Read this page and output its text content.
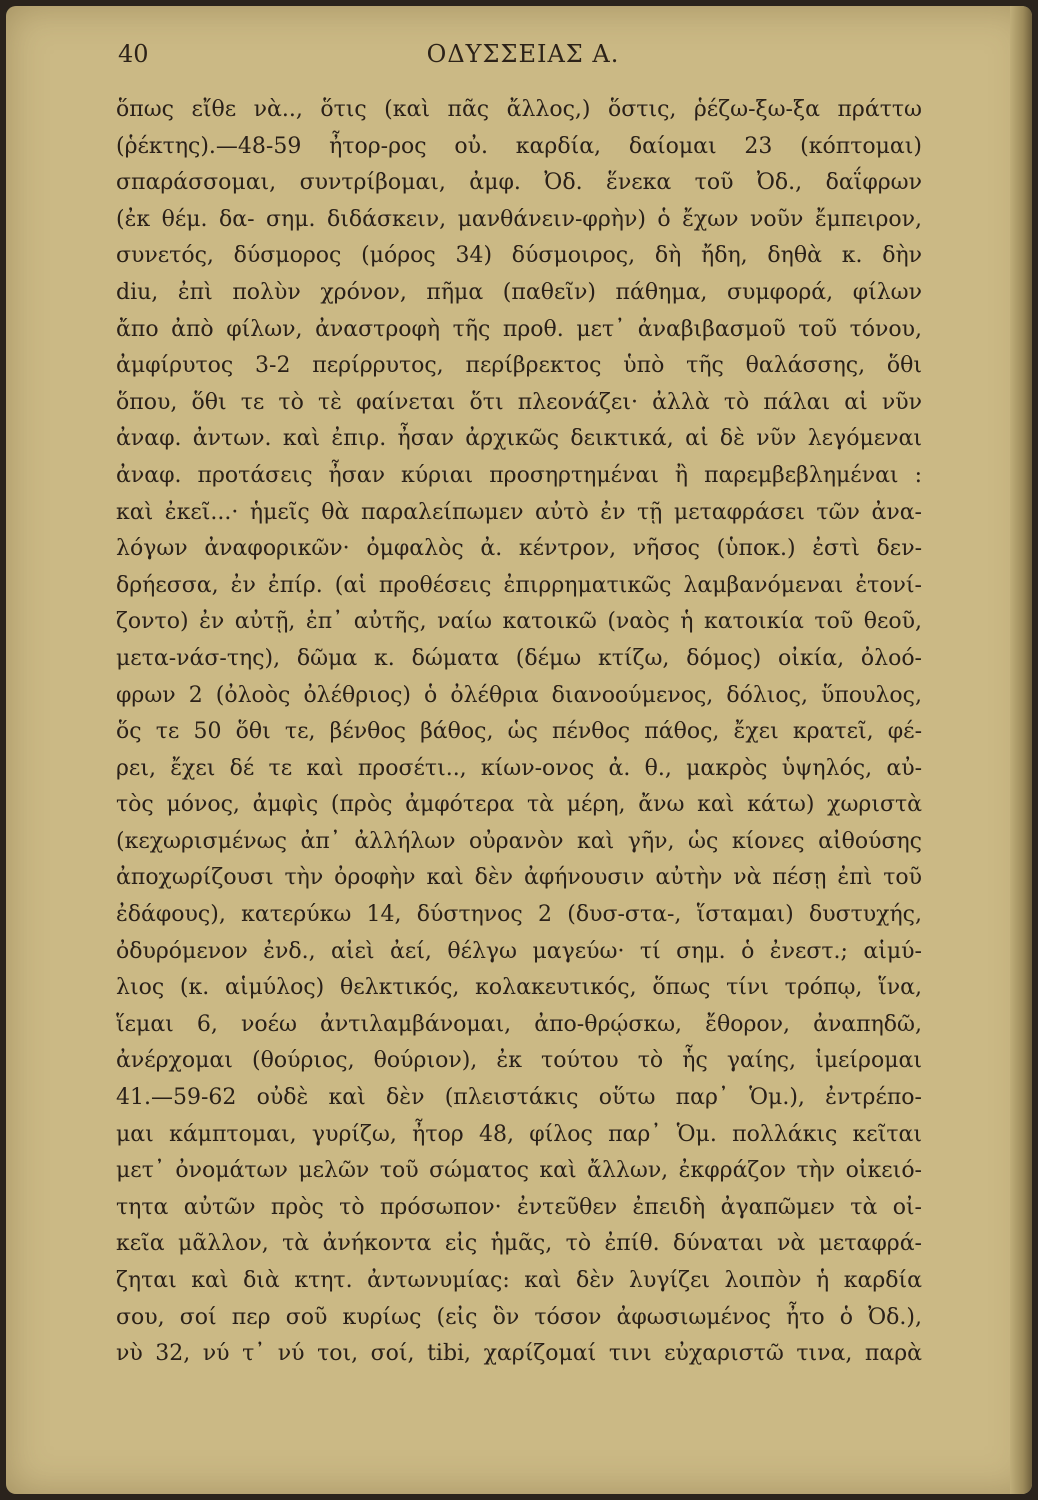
40	ΟΔΥΣΣΕΙΑΣ Α.
ὅπως εἴθε νὰ.., ὅτις (καὶ πᾶς ἄλλος,) ὅστις, ῥέζω-ξω-ξα πράττω
(ῥέκτης).—48-59 ἦτορ-ρος οὐ. καρδία, δαίομαι 23 (κόπτομαι)
σπαράσσομαι, συντρίβομαι, ἀμφ. Ὀδ. ἕνεκα τοῦ Ὀδ., δαΐφρων
(ἐκ θέμ. δα- σημ. διδάσκειν, μανθάνειν-φρὴν) ὁ ἔχων νοῦν ἔμπειρον,
συνετός, δύσμορος (μόρος 34) δύσμοιρος, δὴ ἤδη, δηθὰ κ. δὴν
diu, ἐπὶ πολὺν χρόνον, πῆμα (παθεῖν) πάθημα, συμφορά, φίλων
ἄπο ἀπὸ φίλων, ἀναστροφὴ τῆς προθ. μετ᾽ ἀναβιβασμοῦ τοῦ τόνου,
ἀμφίρυτος 3-2 περίρρυτος, περίβρεκτος ὑπὸ τῆς θαλάσσης, ὅθι
ὅπου, ὅθι τε τὸ τὲ φαίνεται ὅτι πλεονάζει· ἀλλὰ τὸ πάλαι αἱ νῦν
ἀναφ. ἀντων. καὶ ἐπιρ. ἦσαν ἀρχικῶς δεικτικά, αἱ δὲ νῦν λεγόμεναι
ἀναφ. προτάσεις ἦσαν κύριαι προσηρτημέναι ἢ παρεμβεβλημέναι :
καὶ ἐκεῖ...· ἡμεῖς θὰ παραλείπωμεν αὐτὸ ἐν τῇ μεταφράσει τῶν ἀνα-
λόγων ἀναφορικῶν· ὀμφαλὸς ἀ. κέντρον, νῆσος (ὑποκ.) ἐστὶ δεν-
δρήεσσα, ἐν ἐπίρ. (αἱ προθέσεις ἐπιρρηματικῶς λαμβανόμεναι ἐτονί-
ζοντο) ἐν αὐτῇ, ἐπ᾽ αὐτῆς, ναίω κατοικῶ (ναὸς ἡ κατοικία τοῦ θεοῦ,
μετα-νάσ-της), δῶμα κ. δώματα (δέμω κτίζω, δόμος) οἰκία, ὀλοό-
φρων 2 (ὀλοὸς ὀλέθριος) ὁ ὀλέθρια διανοούμενος, δόλιος, ὕπουλος,
ὅς τε 50 ὅθι τε, βένθος βάθος, ὡς πένθος πάθος, ἔχει κρατεῖ, φέ-
ρει, ἔχει δέ τε καὶ προσέτι.., κίων-ονος ἀ. θ., μακρὸς ὑψηλός, αὐ-
τὸς μόνος, ἀμφὶς (πρὸς ἀμφότερα τὰ μέρη, ἄνω καὶ κάτω) χωριστὰ
(κεχωρισμένως ἀπ᾽ ἀλλήλων οὐρανὸν καὶ γῆν, ὡς κίονες αἰθούσης
ἀποχωρίζουσι τὴν ὀροφὴν καὶ δὲν ἀφήνουσιν αὐτὴν νὰ πέσῃ ἐπὶ τοῦ
ἐδάφους), κατερύκω 14, δύστηνος 2 (δυσ-στα-, ἵσταμαι) δυστυχής,
ὀδυρόμενον ἐνδ., αἰεὶ ἀεί, θέλγω μαγεύω· τί σημ. ὁ ἐνεστ.; αἱμύ-
λιος (κ. αἱμύλος) θελκτικός, κολακευτικός, ὅπως τίνι τρόπῳ, ἵνα,
ἵεμαι 6, νοέω ἀντιλαμβάνομαι, ἀπο-θρῴσκω, ἔθορον, ἀναπηδῶ,
ἀνέρχομαι (θούριος, θούριον), ἐκ τούτου τὸ ἧς γαίης, ἱμείρομαι
41.—59-62 οὐδὲ καὶ δὲν (πλειστάκις οὕτω παρ᾽ Ὁμ.), ἐντρέπο-
μαι κάμπτομαι, γυρίζω, ἦτορ 48, φίλος παρ᾽ Ὁμ. πολλάκις κεῖται
μετ᾽ ὀνομάτων μελῶν τοῦ σώματος καὶ ἄλλων, ἐκφράζον τὴν οἰκειό-
τητα αὐτῶν πρὸς τὸ πρόσωπον· ἐντεῦθεν ἐπειδὴ ἀγαπῶμεν τὰ οἰ-
κεῖα μᾶλλον, τὰ ἀνήκοντα εἰς ἡμᾶς, τὸ ἐπίθ. δύναται νὰ μεταφρά-
ζηται καὶ διὰ κτητ. ἀντωνυμίας: καὶ δὲν λυγίζει λοιπὸν ἡ καρδία
σου, σοί περ σοῦ κυρίως (εἰς ὃν τόσον ἀφωσιωμένος ἦτο ὁ Ὀδ.),
νὺ 32, νύ τ᾽ νύ τοι, σοί, tibi, χαρίζομαί τινι εὐχαριστῶ τινα, παρὰ
